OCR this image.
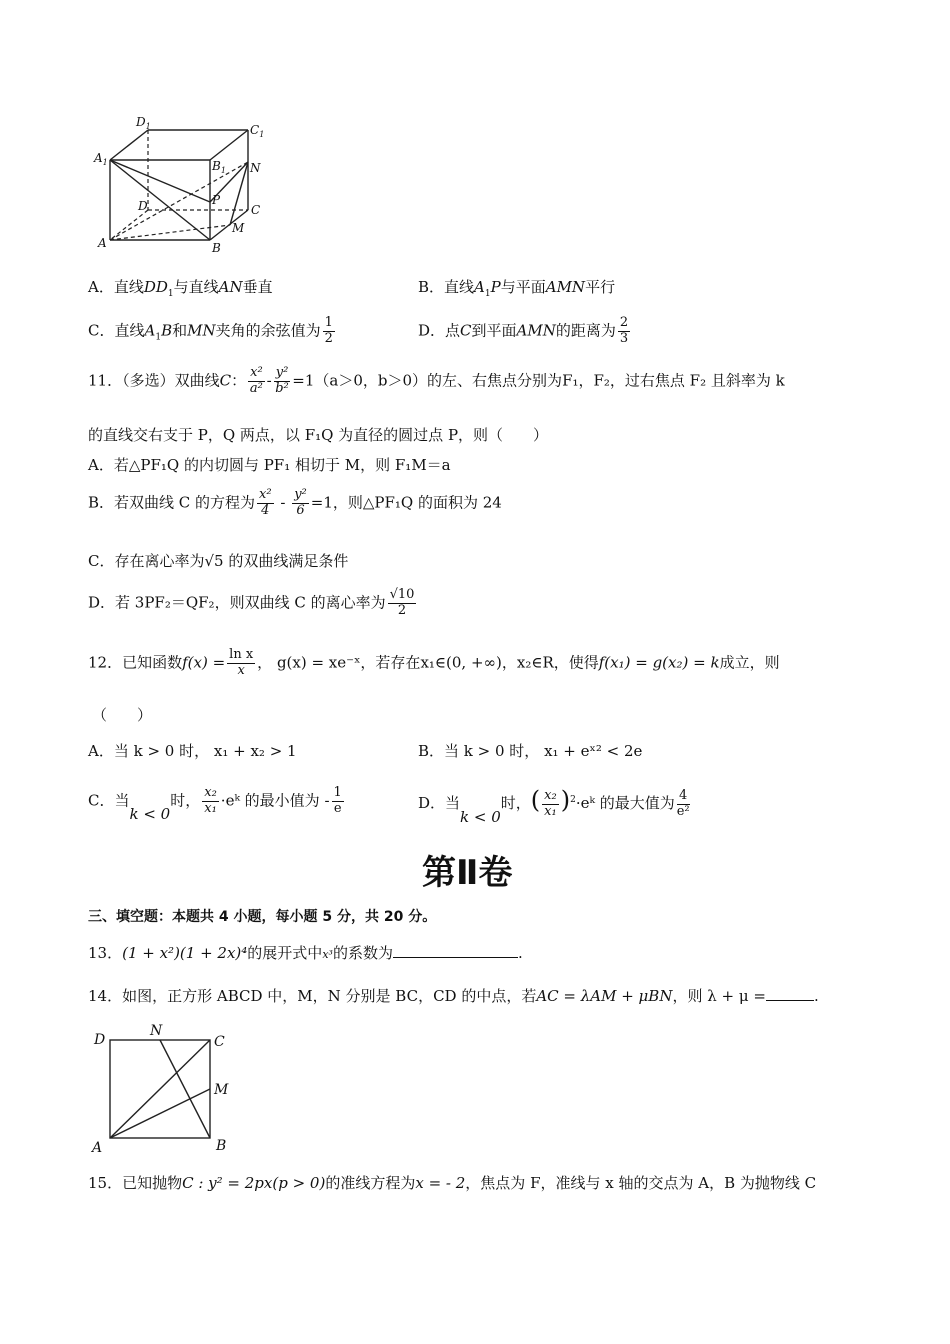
$D_1$	$C_1$
$A_1$	$B_1$ N
D	P
C
M
A	B
A．直线$DD_1$与直线AN垂直	B．直线$A_1P$与平面AMN平行
C．直线$A_1B$和MN夹角的余弦值为 $\frac{1}{2}$	D．点C到平面AMN的距离为 $\frac{2}{3}$
11．（多选）双曲线C： $\frac{\text{x²}}{\text{a²}} - \frac{\text{y²}}{\text{b²}} =1(a>0$，b＞0）的左、右焦点分别为F₁，F₂，过右焦点 F₂ 且斜率为 k
的直线交右支于 P，Q 两点，以 F₁Q 为直径的圆过点 P，则（　　）
A．若△PF₁Q 的内切圆与 PF₁ 相切于 M，则 F₁M＝a
B．若双曲线 C 的方程为 $\frac{\text{x²}}{4} - \frac{\text{y²}}{6} =1$，则△PF₁Q 的面积为 24
C．存在离心率为√5 的双曲线满足条件
D．若 3PF₂＝QF₂，则双曲线 C 的离心率为 $\frac{√10}{2}$
12．已知函数$f(x) = \frac{\text{ln x}}{x}$ ， g(x) = xe⁻ˣ，若存在x₁∈(0, +∞)，x₂∈R，使得f(x₁) = g(x₂) = k成立，则
（　　）
A．当 k > 0 时， x₁ + x₂ > 1	B．当 k > 0 时， x₁ + eˣ² < 2e
C．当k < 0时， $\frac{\text{x₂}}{\text{x₁}}$ ·eᵏ 的最小值为 - $\frac{1}{e}$	D．当k < 0时，( $\frac{\text{x₂}}{\text{x₁}}$ )$^2$·eᵏ 的最大值为 $\frac{4}{\text{e²}}$
第Ⅱ卷
三、填空题：本题共 4 小题，每小题 5 分，共 20 分。
13．(1 + x²)(1 + 2x)⁴的展开式中x³的系数为	.
14．如图，正方形 ABCD 中，M，N 分别是 BC，CD 的中点，若AC = λAM + μBN，则 λ + μ =	.
D
N
C
M
A	B
15．已知抛物C : y² = 2px(p > 0)的准线方程为x = - 2，焦点为 F，准线与 x 轴的交点为 A，B 为抛物线 C
